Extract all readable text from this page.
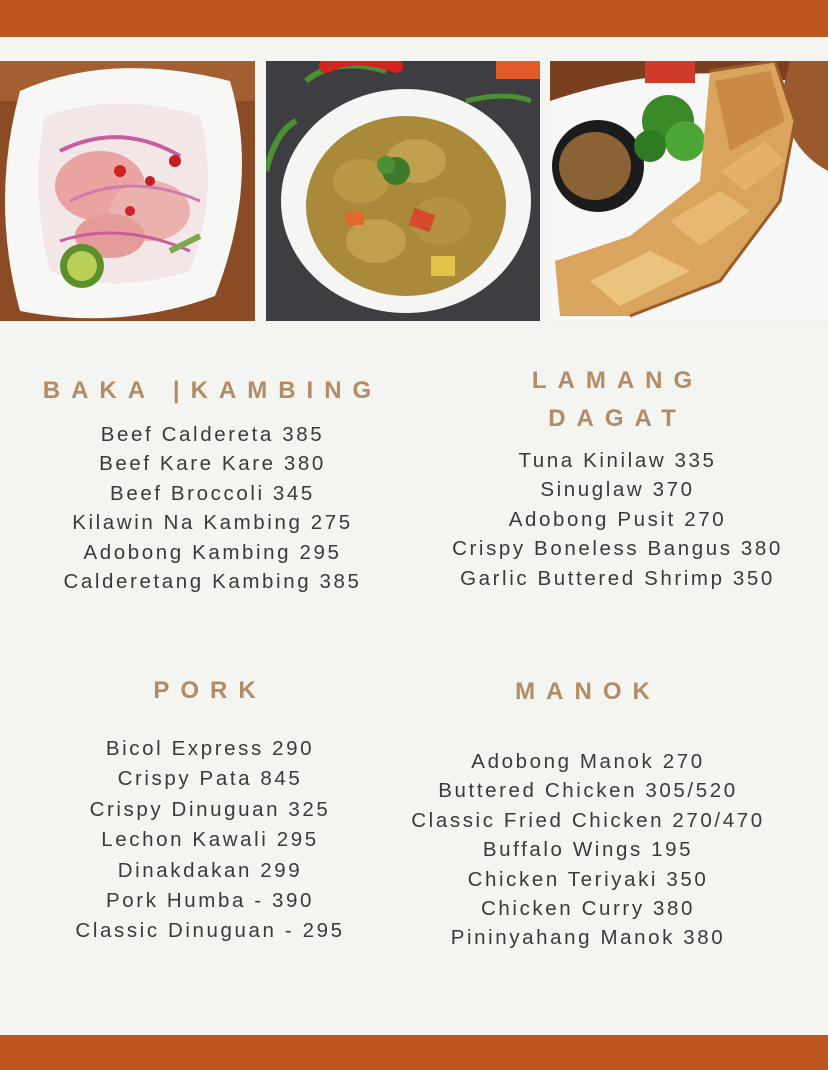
BAKA |KAMBING
Beef Caldereta 385
Beef Kare Kare 380
Beef Broccoli 345
Kilawin Na Kambing 275
Adobong Kambing 295
Calderetang Kambing 385
LAMANG
DAGAT
Tuna Kinilaw 335
Sinuglaw 370
Adobong Pusit 270
Crispy Boneless Bangus 380
Garlic Buttered Shrimp 350
PORK
Bicol Express 290
Crispy Pata 845
Crispy Dinuguan 325
Lechon Kawali 295
Dinakdakan 299
Pork Humba - 390
Classic Dinuguan - 295
MANOK
Adobong Manok 270
Buttered Chicken 305/520
Classic Fried Chicken 270/470
Buffalo Wings 195
Chicken Teriyaki 350
Chicken Curry 380
Pininyahang Manok 380
